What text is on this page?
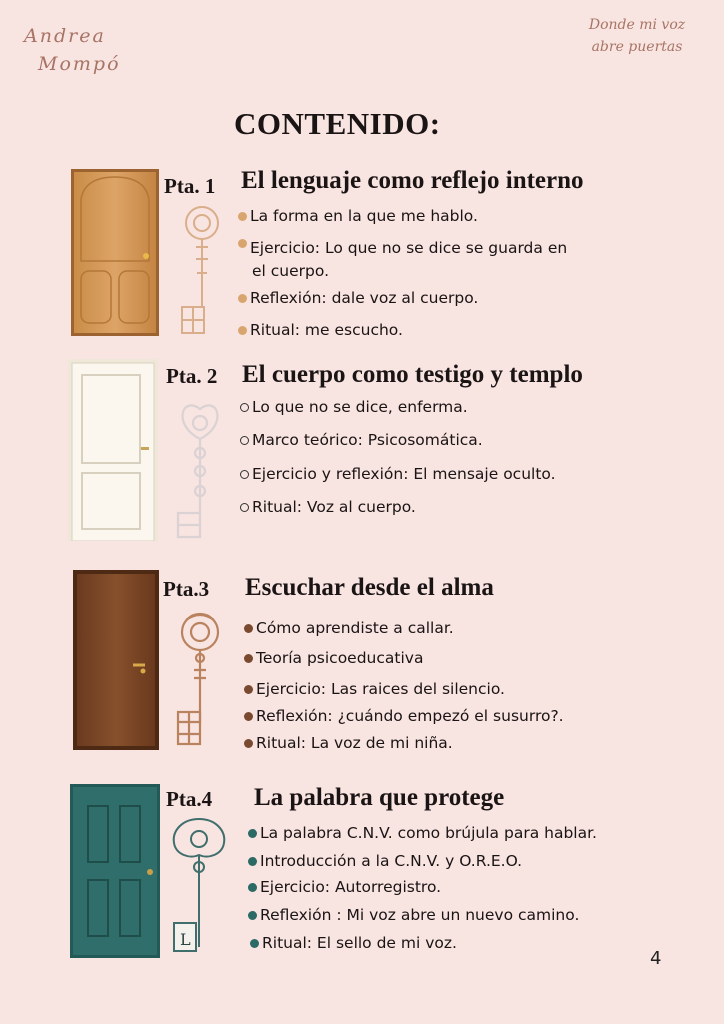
Andrea
Mompó
Donde mi voz
abre puertas
CONTENIDO:
Pta. 1 El lenguaje como reflejo interno
La forma en la que me hablo.
Ejercicio: Lo que no se dice se guarda en
el cuerpo.
Reflexión: dale voz al cuerpo.
Ritual: me escucho.
Pta. 2 El cuerpo como testigo y templo
Lo que no se dice, enferma.
Marco teórico: Psicosomática.
Ejercicio y reflexión: El mensaje oculto.
Ritual: Voz al cuerpo.
Pta.3 Escuchar desde el alma
Cómo aprendiste a callar.
Teoría psicoeducativa
Ejercicio: Las raices del silencio.
Reflexión: ¿cuándo empezó el susurro?.
Ritual: La voz de mi niña.
L
Pta.4 La palabra que protege
La palabra C.N.V. como brújula para hablar.
Introducción a la C.N.V. y O.R.E.O.
Ejercicio: Autorregistro.
Reflexión : Mi voz abre un nuevo camino.
Ritual: El sello de mi voz.
4
